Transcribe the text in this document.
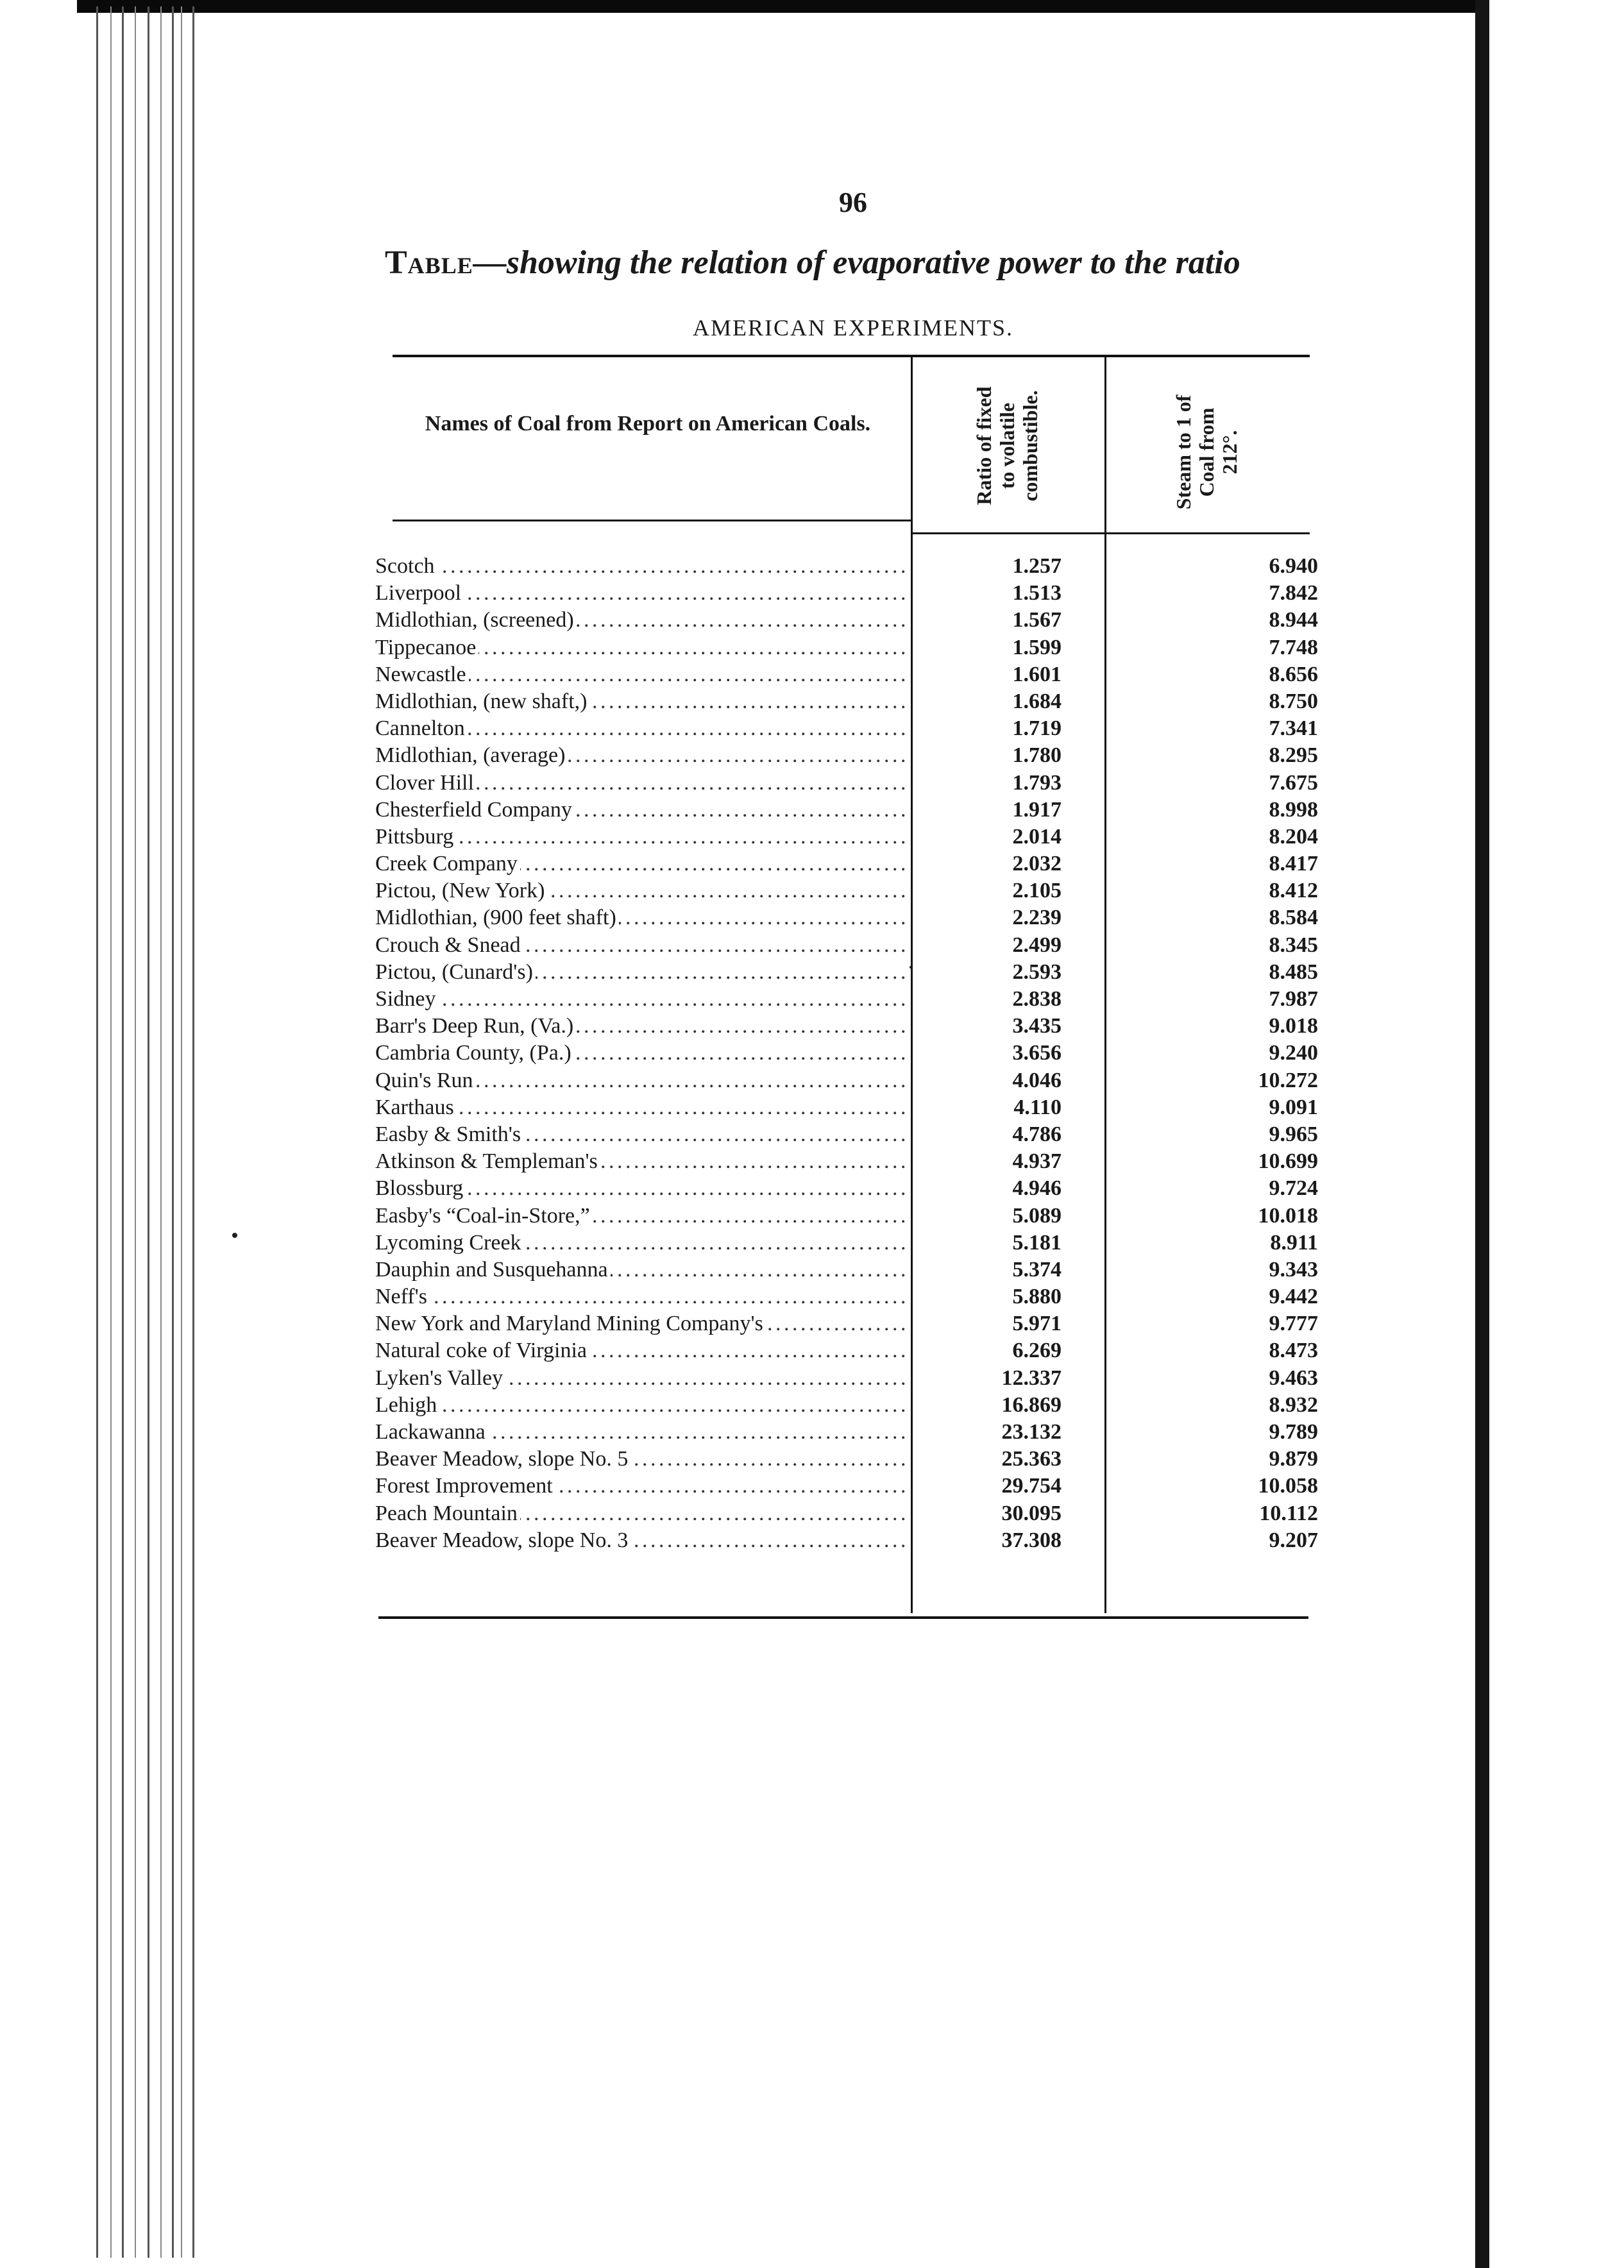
96
Table—showing the relation of evaporative power to the ratio
AMERICAN EXPERIMENTS.
Names of Coal from Report on American Coals.	Ratio of fixed to volatile combustible.	Steam to 1 of Coal from 212°.
Scotch . . .	1.257	6.940
Liverpool . . .	1.513	7.842
Midlothian, (screened) . . .	1.567	8.944
Tippecanoe . . .	1.599	7.748
Newcastle . . .	1.601	8.656
Midlothian, (new shaft,) . . .	1.684	8.750
Cannelton . . .	1.719	7.341
Midlothian, (average) . . .	1.780	8.295
Clover Hill . . .	1.793	7.675
Chesterfield Company . . .	1.917	8.998
Pittsburg . . .	2.014	8.204
Creek Company . . .	2.032	8.417
Pictou, (New York) . . .	2.105	8.412
Midlothian, (900 feet shaft) . . .	2.239	8.584
Crouch & Snead . . .	2.499	8.345
Pictou, (Cunard's) . . .	2.593	8.485
Sidney . . .	2.838	7.987
Barr's Deep Run, (Va.) . . .	3.435	9.018
Cambria County, (Pa.) . . .	3.656	9.240
Quin's Run . . .	4.046	10.272
Karthaus . . .	4.110	9.091
Easby & Smith's . . .	4.786	9.965
Atkinson & Templeman's . . .	4.937	10.699
Blossburg . . .	4.946	9.724
Easby's “Coal-in-Store,” . . .	5.089	10.018
Lycoming Creek . . .	5.181	8.911
Dauphin and Susquehanna . . .	5.374	9.343
Neff's . . .	5.880	9.442
New York and Maryland Mining Company's . . .	5.971	9.777
Natural coke of Virginia . . .	6.269	8.473
Lyken's Valley . . .	12.337	9.463
Lehigh . . .	16.869	8.932
Lackawanna . . .	23.132	9.789
Beaver Meadow, slope No. 5 . . .	25.363	9.879
Forest Improvement . . .	29.754	10.058
Peach Mountain . . .	30.095	10.112
Beaver Meadow, slope No. 3 . . .	37.308	9.207
